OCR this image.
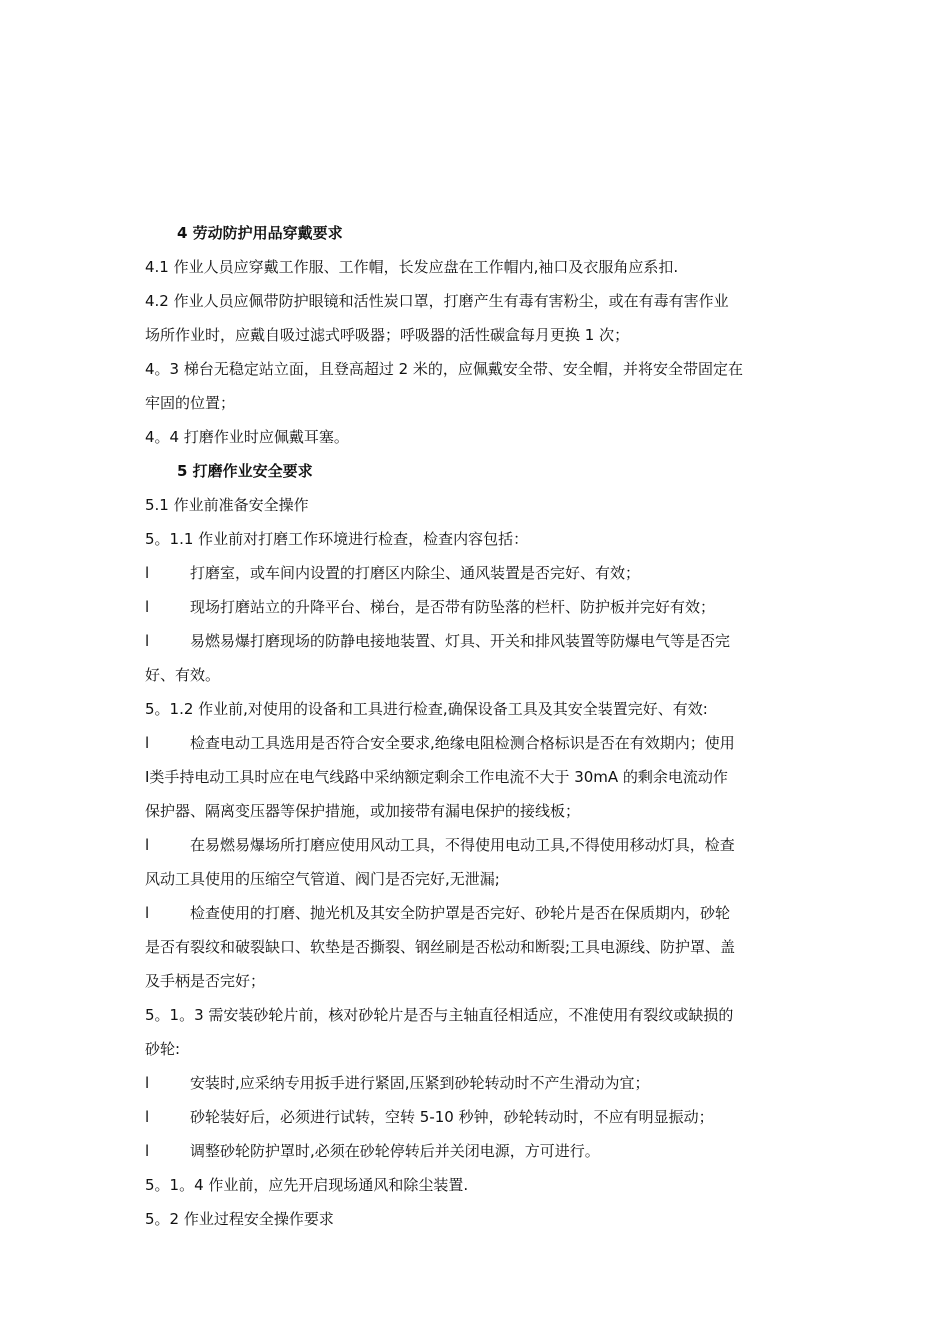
4 劳动防护用品穿戴要求
4.1 作业人员应穿戴工作服、工作帽，长发应盘在工作帽内,袖口及衣服角应系扣.
4.2 作业人员应佩带防护眼镜和活性炭口罩，打磨产生有毒有害粉尘，或在有毒有害作业
场所作业时，应戴自吸过滤式呼吸器；呼吸器的活性碳盒每月更换 1 次；
4。3 梯台无稳定站立面，且登高超过 2 米的，应佩戴安全带、安全帽，并将安全带固定在
牢固的位置；
4。4 打磨作业时应佩戴耳塞。
5 打磨作业安全要求
5.1 作业前准备安全操作
5。1.1 作业前对打磨工作环境进行检查，检查内容包括：
l	打磨室，或车间内设置的打磨区内除尘、通风装置是否完好、有效；
l	现场打磨站立的升降平台、梯台，是否带有防坠落的栏杆、防护板并完好有效；
l	易燃易爆打磨现场的防静电接地装置、灯具、开关和排风装置等防爆电气等是否完
好、有效。
5。1.2 作业前,对使用的设备和工具进行检查,确保设备工具及其安全装置完好、有效:
l	检查电动工具选用是否符合安全要求,绝缘电阻检测合格标识是否在有效期内；使用
Ⅰ类手持电动工具时应在电气线路中采纳额定剩余工作电流不大于 30mA 的剩余电流动作
保护器、隔离变压器等保护措施，或加接带有漏电保护的接线板；
l	在易燃易爆场所打磨应使用风动工具，不得使用电动工具,不得使用移动灯具，检查
风动工具使用的压缩空气管道、阀门是否完好,无泄漏;
l	检查使用的打磨、抛光机及其安全防护罩是否完好、砂轮片是否在保质期内，砂轮
是否有裂纹和破裂缺口、软垫是否撕裂、钢丝刷是否松动和断裂;工具电源线、防护罩、盖
及手柄是否完好；
5。1。3 需安装砂轮片前，核对砂轮片是否与主轴直径相适应，不准使用有裂纹或缺损的
砂轮:
l	安装时,应采纳专用扳手进行紧固,压紧到砂轮转动时不产生滑动为宜；
l	砂轮装好后，必须进行试转，空转 5-10 秒钟，砂轮转动时，不应有明显振动；
l	调整砂轮防护罩时,必须在砂轮停转后并关闭电源，方可进行。
5。1。4 作业前，应先开启现场通风和除尘装置.
5。2 作业过程安全操作要求
